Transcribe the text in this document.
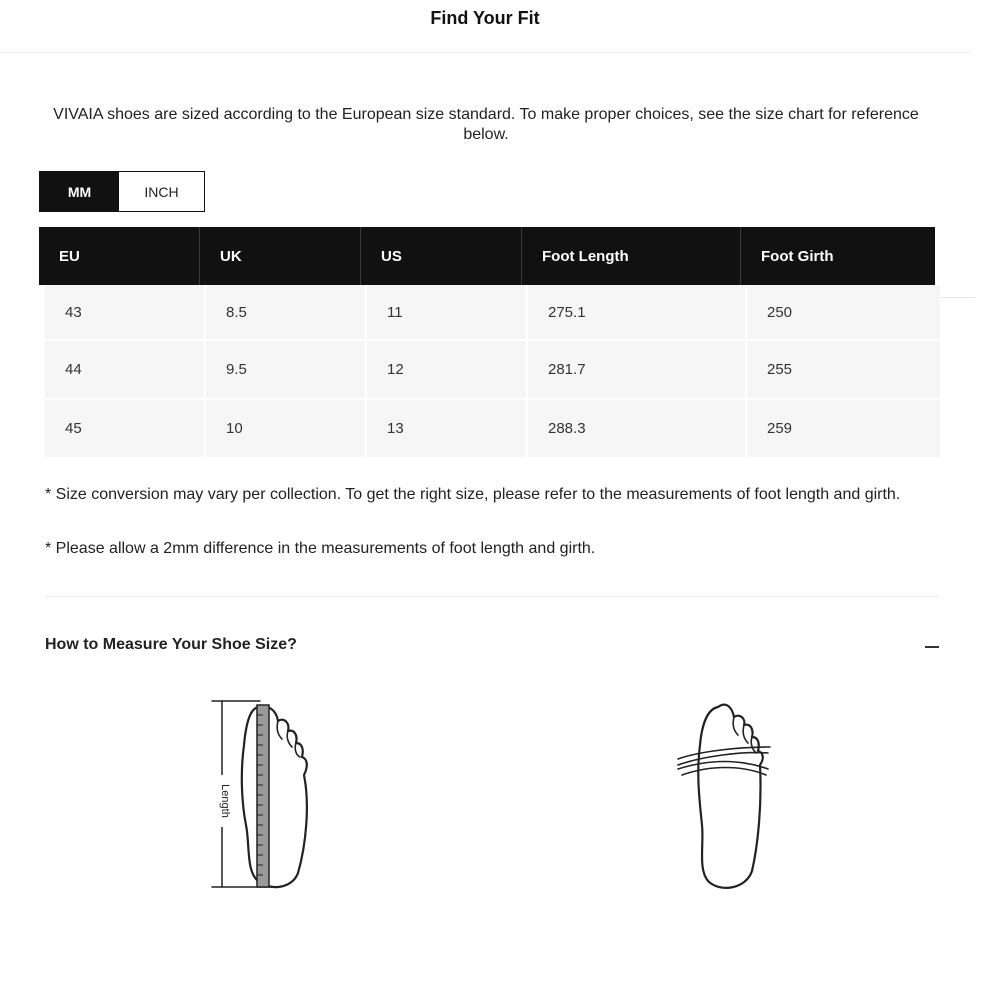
Find Your Fit
VIVAIA shoes are sized according to the European size standard. To make proper choices, see the size chart for reference below.
MM	INCH
EU	UK	US	Foot Length	Foot Girth
43	8.5	11	275.1	250
44	9.5	12	281.7	255
45	10	13	288.3	259
* Size conversion may vary per collection. To get the right size, please refer to the measurements of foot length and girth.
* Please allow a 2mm difference in the measurements of foot length and girth.
How to Measure Your Shoe Size?
Length
